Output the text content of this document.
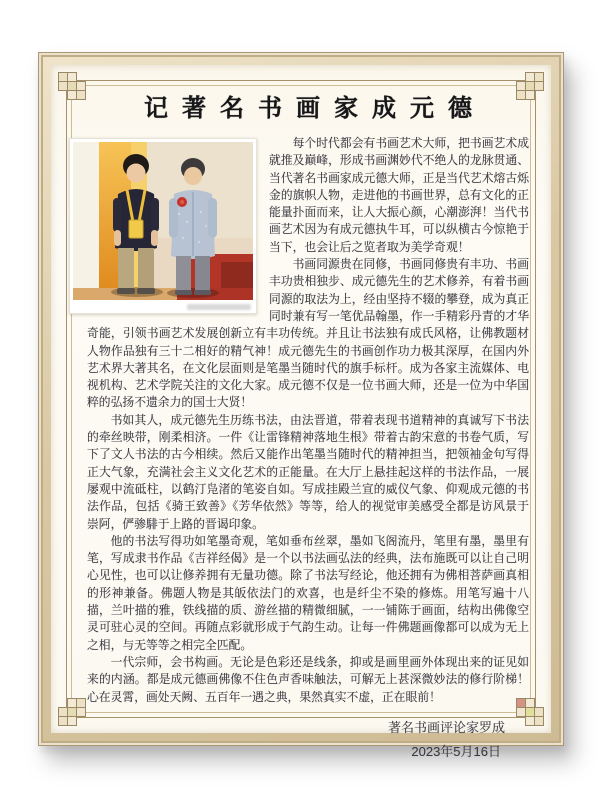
记著名书画家成元德

每个时代都会有书画艺术大师，把书画艺术成就推及巅峰，形成书画渊妙代不绝人的龙脉贯通、当代著名书画家成元德大师，正是当代艺术熔古烁金的旗帜人物，走进他的书画世界，总有文化的正能量扑面而来，让人大振心颜，心潮澎湃！当代书画艺术因为有成元德执牛耳，可以纵横古今惊艳于当下，也会让后之览者取为美学奇观！

书画同源贵在同修，书画同修贵有丰功、书画丰功贵相独步、成元德先生的艺术修养，有着书画同源的取法为上，经由坚持不辍的攀登，成为真正同时兼有写一笔优品翰墨，作一手精彩丹青的才华奇能，引领书画艺术发展创新立有丰功传统。并且让书法独有成氏风格，让佛教题材人物作品独有三十二相好的精气神！成元德先生的书画创作功力极其深厚，在国内外艺术界大著其名，在文化层面则是笔墨当随时代的旗手标杆。成为各家主流媒体、电视机构、艺术学院关注的文化大家。成元德不仅是一位书画大师，还是一位为中华国粹的弘扬不遗余力的国士大贤！

书如其人，成元德先生历练书法，由法晋道，带着表现书道精神的真诚写下书法的牵丝映带，刚柔相济。一件《让雷锋精神落地生根》带着古韵宋意的书卷气质，写下了文人书法的古今相续。然后又能作出笔墨当随时代的精神担当，把领袖金句写得正大气象，充满社会主义文化艺术的正能量。在大厅上悬挂起这样的书法作品，一展屡观中流砥柱，以鹤汀凫渚的笔姿自如。写成挂殿兰宣的威仪气象、仰观成元德的书法作品，包括《骑王致善》《芳华依然》等等，给人的视觉审美感受全都是访风景于崇阿，俨骖騑于上路的晋谒印象。

他的书法写得功如笔墨奇观，笔如垂布丝翠，墨如飞阁流丹，笔里有墨，墨里有笔，写成隶书作品《吉祥经偈》是一个以书法画弘法的经典，法布施既可以让自己明心见性，也可以让修养拥有无量功德。除了书法写经论，他还拥有为佛相菩萨画真相的形神兼备。佛题人物是其皈依法门的欢喜，也是纤尘不染的修炼。用笔写遍十八描，兰叶描的雅，铁线描的质、游丝描的精微细腻，一一铺陈于画面，结构出佛像空灵可驻心灵的空间。再随点彩就形成于气韵生动。让每一件佛题画像都可以成为无上之相，与无等等之相完全匹配。

一代宗师，会书构画。无论是色彩还是线条，抑或是画里画外体现出来的证见如来的内涵。都是成元德画佛像不住色声香味触法，可解无上甚深微妙法的修行阶梯！心在灵霄，画处天阙、五百年一遇之典，果然真实不虚，正在眼前！

著名书画评论家罗成
2023年5月16日
